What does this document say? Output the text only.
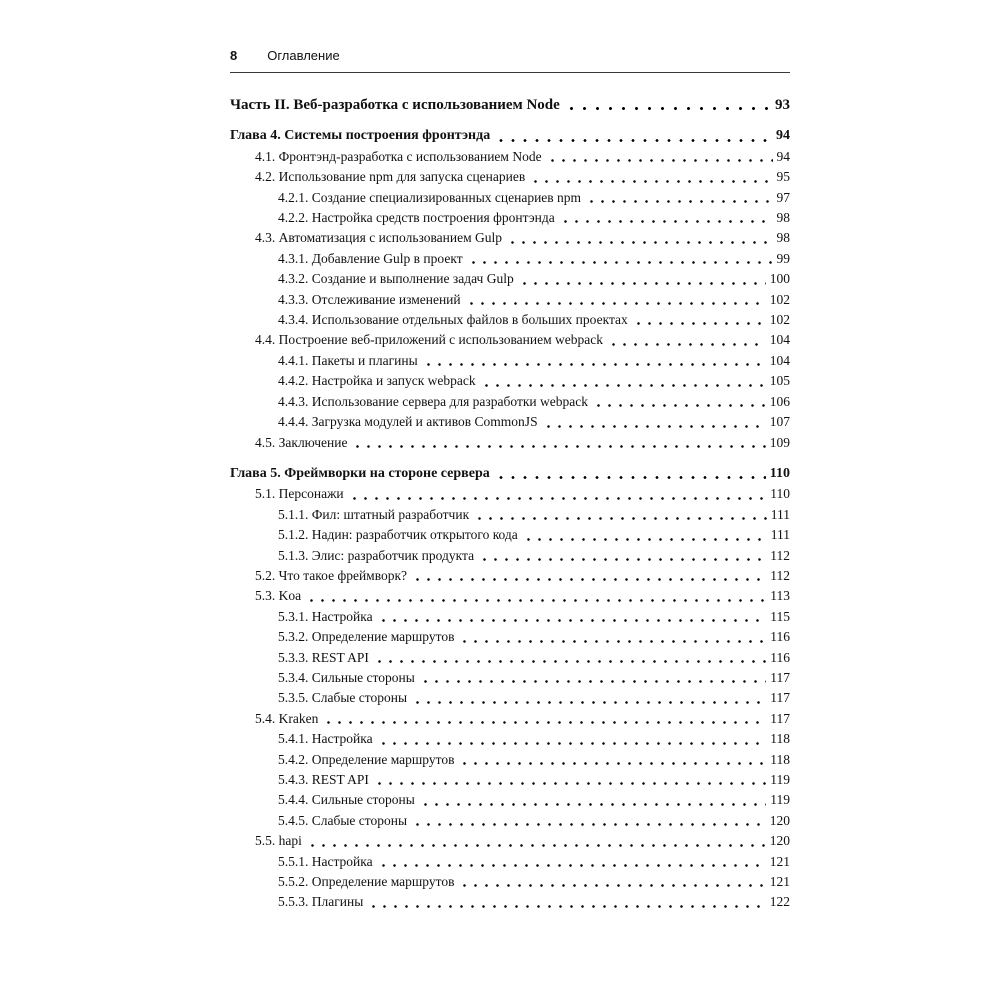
8 Оглавление
Часть II. Веб-разработка с использованием Node	93
Глава 4. Системы построения фронтэнда	94
4.1. Фронтэнд-разработка с использованием Node	94
4.2. Использование npm для запуска сценариев	95
4.2.1. Создание специализированных сценариев npm	97
4.2.2. Настройка средств построения фронтэнда	98
4.3. Автоматизация с использованием Gulp	98
4.3.1. Добавление Gulp в проект	99
4.3.2. Создание и выполнение задач Gulp	100
4.3.3. Отслеживание изменений	102
4.3.4. Использование отдельных файлов в больших проектах	102
4.4. Построение веб-приложений с использованием webpack	104
4.4.1. Пакеты и плагины	104
4.4.2. Настройка и запуск webpack	105
4.4.3. Использование сервера для разработки webpack	106
4.4.4. Загрузка модулей и активов CommonJS	107
4.5. Заключение	109
Глава 5. Фреймворки на стороне сервера	110
5.1. Персонажи	110
5.1.1. Фил: штатный разработчик	111
5.1.2. Надин: разработчик открытого кода	111
5.1.3. Элис: разработчик продукта	112
5.2. Что такое фреймворк?	112
5.3. Koa	113
5.3.1. Настройка	115
5.3.2. Определение маршрутов	116
5.3.3. REST API	116
5.3.4. Сильные стороны	117
5.3.5. Слабые стороны	117
5.4. Kraken	117
5.4.1. Настройка	118
5.4.2. Определение маршрутов	118
5.4.3. REST API	119
5.4.4. Сильные стороны	119
5.4.5. Слабые стороны	120
5.5. hapi	120
5.5.1. Настройка	121
5.5.2. Определение маршрутов	121
5.5.3. Плагины	122
